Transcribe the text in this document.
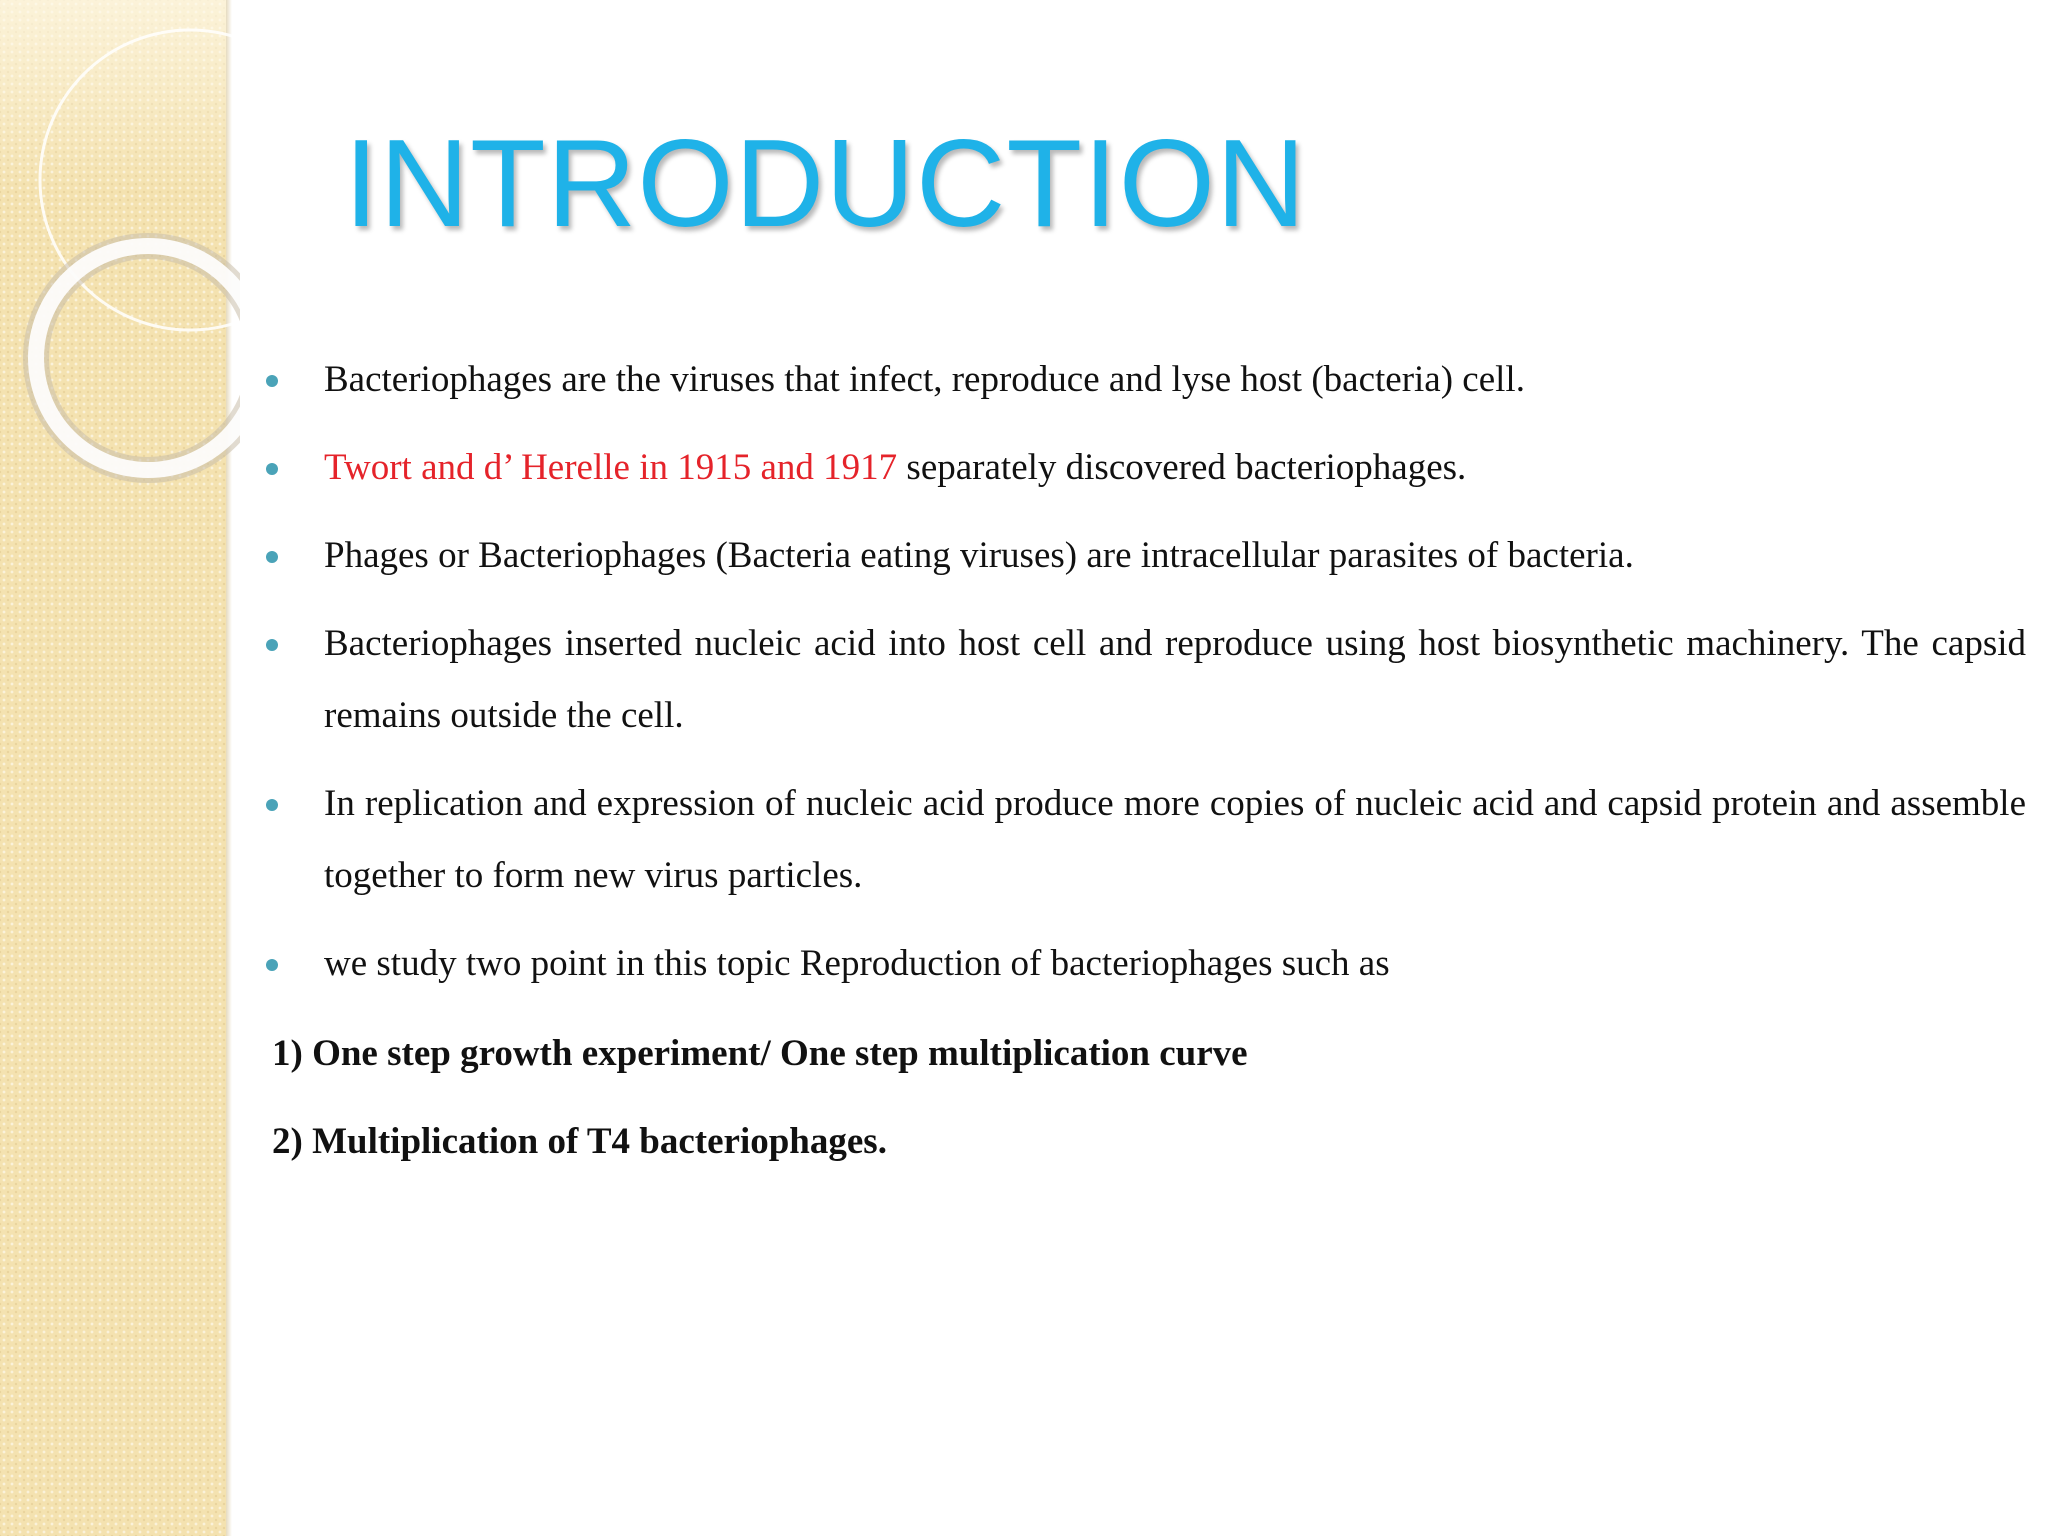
INTRODUCTION
Bacteriophages are the viruses that infect, reproduce and lyse host (bacteria) cell.
Twort and d’ Herelle in 1915 and 1917 separately discovered bacteriophages.
Phages or Bacteriophages (Bacteria eating viruses) are intracellular parasites of bacteria.
Bacteriophages inserted nucleic acid into host cell and reproduce using host biosynthetic machinery. The capsid remains outside the cell.
In replication and expression of nucleic acid produce more copies of nucleic acid and capsid protein and assemble together to form new virus particles.
we study two point in this topic Reproduction of bacteriophages such as

1) One step growth experiment/ One step multiplication curve

2) Multiplication of T4 bacteriophages.
